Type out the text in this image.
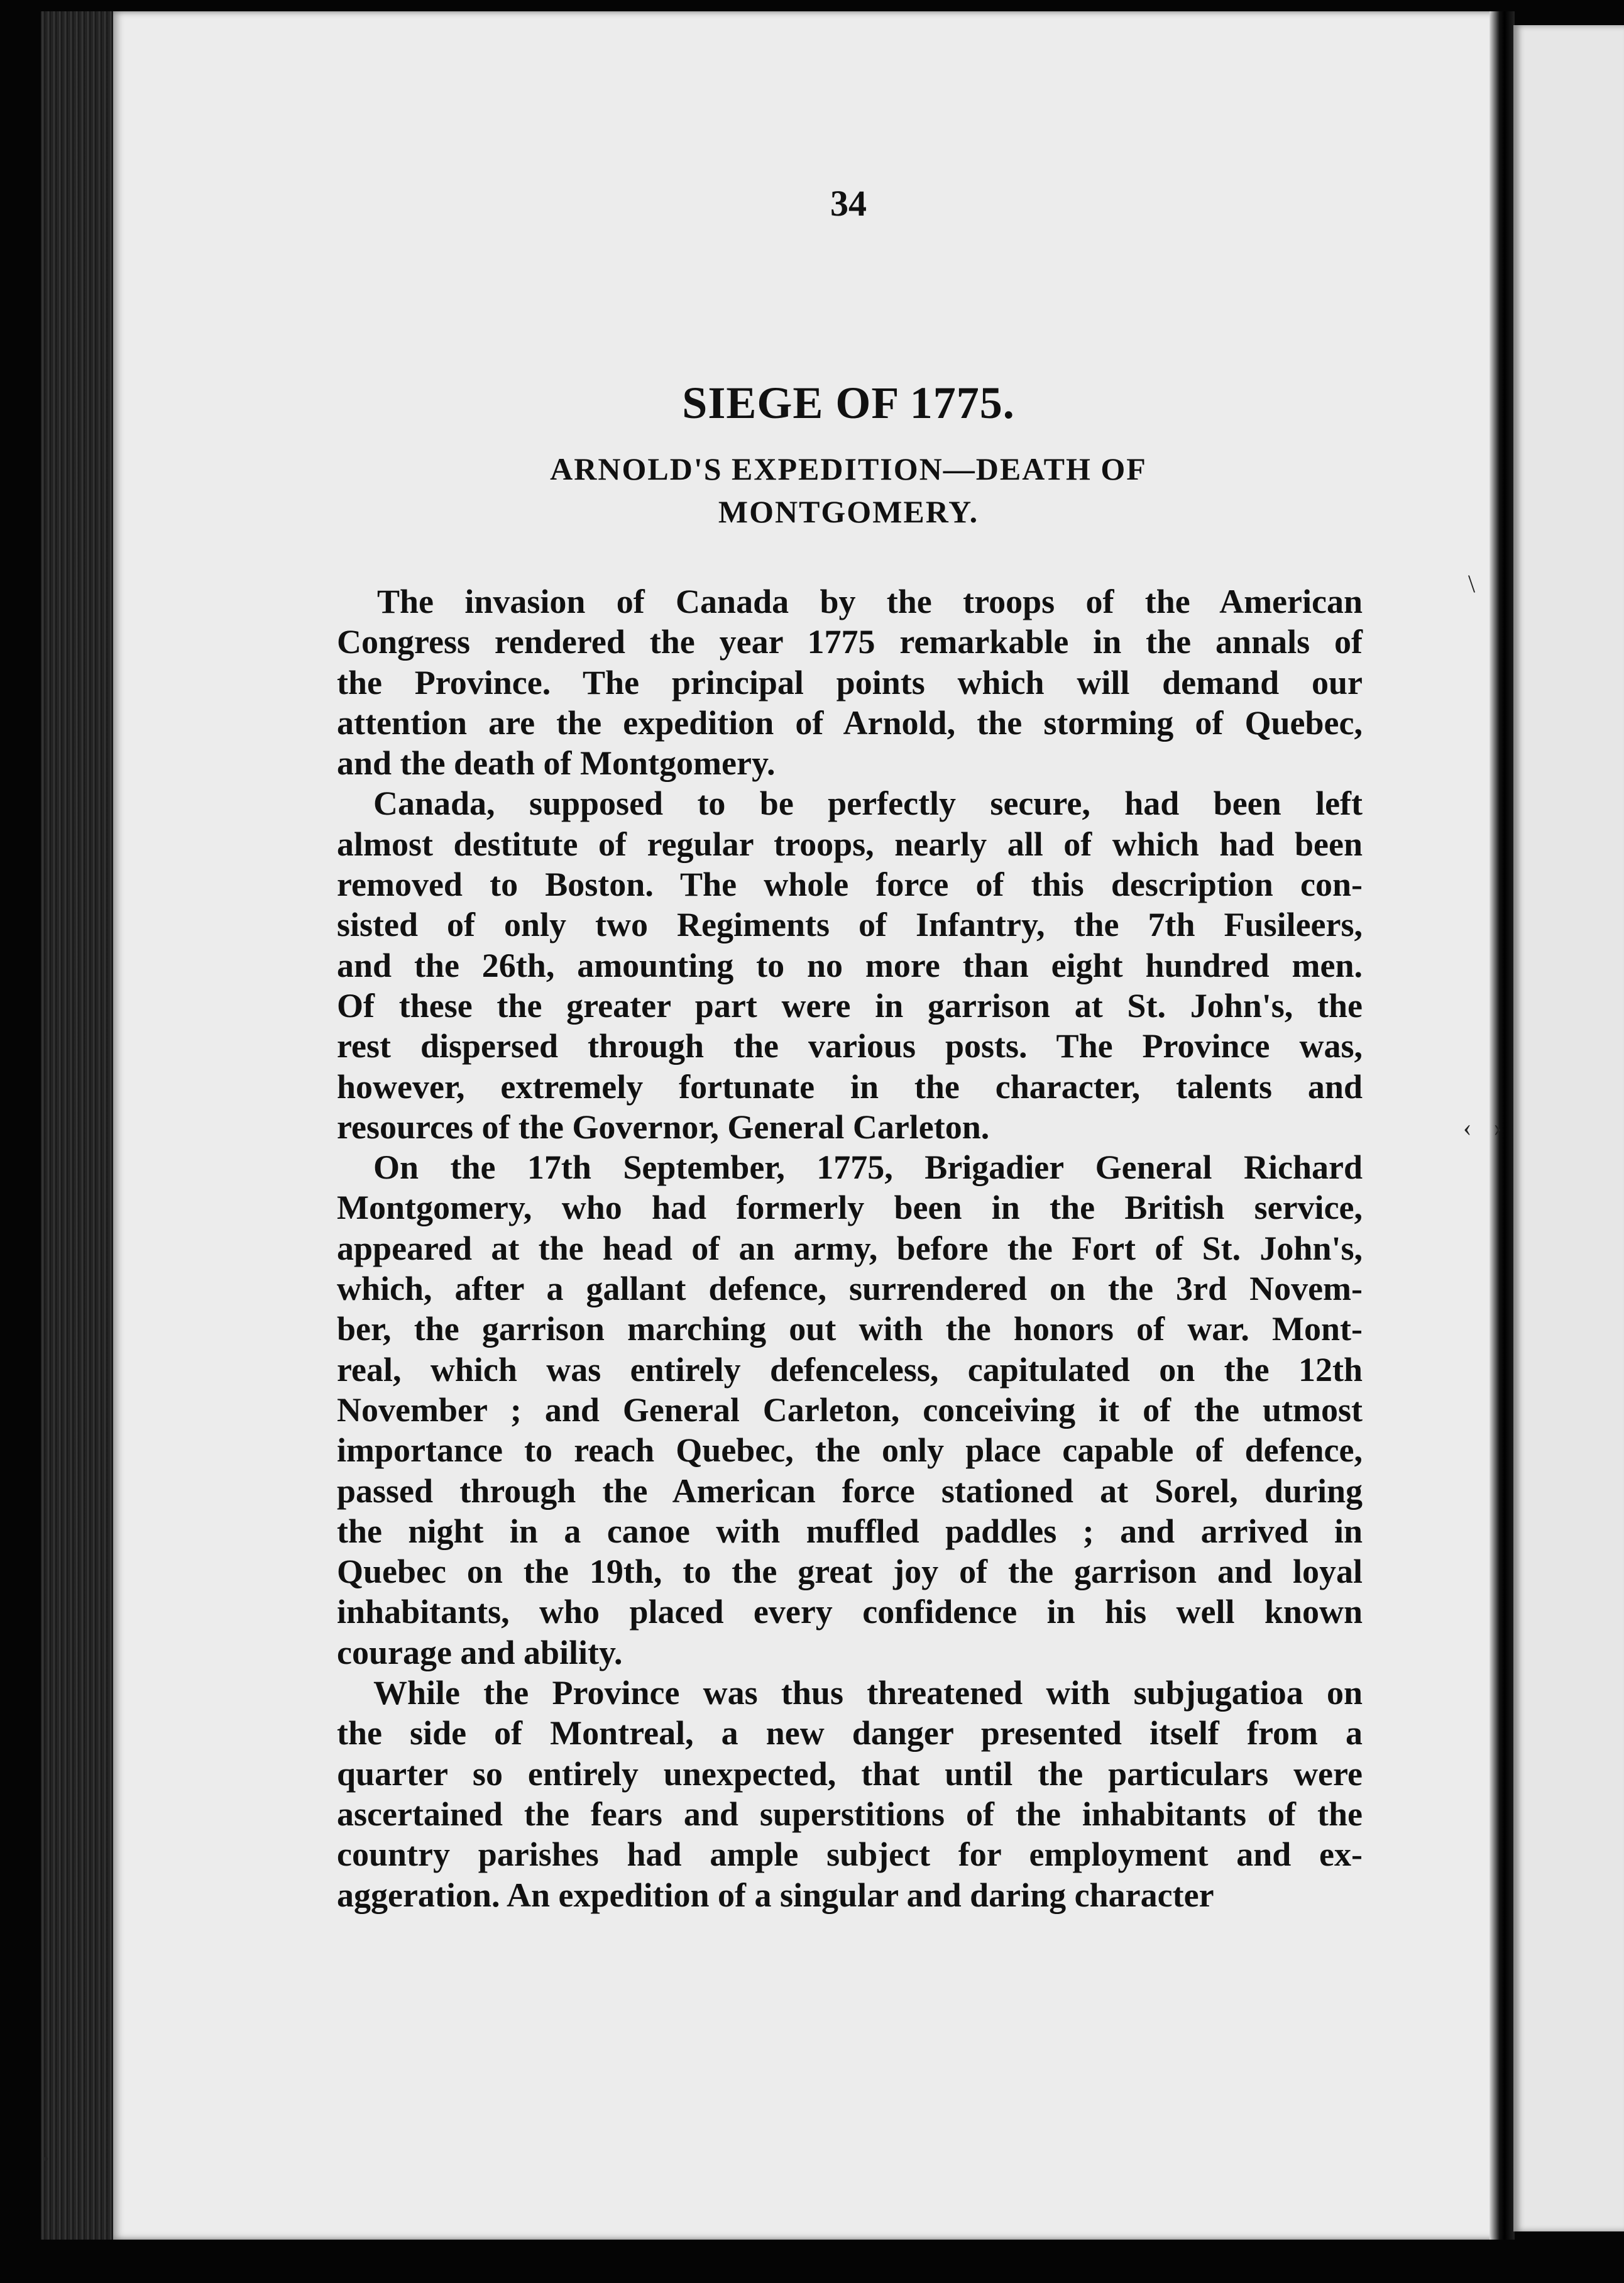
34
SIEGE OF 1775.
ARNOLD'S EXPEDITION—DEATH OF
MONTGOMERY.
The invasion of Canada by the troops of the American
Congress rendered the year 1775 remarkable in the annals of
the Province. The principal points which will demand our
attention are the expedition of Arnold, the storming of Quebec,
and the death of Montgomery.
Canada, supposed to be perfectly secure, had been left
almost destitute of regular troops, nearly all of which had been
removed to Boston. The whole force of this description con-
sisted of only two Regiments of Infantry, the 7th Fusileers,
and the 26th, amounting to no more than eight hundred men.
Of these the greater part were in garrison at St. John's, the
rest dispersed through the various posts. The Province was,
however, extremely fortunate in the character, talents and
resources of the Governor, General Carleton.
On the 17th September, 1775, Brigadier General Richard
Montgomery, who had formerly been in the British service,
appeared at the head of an army, before the Fort of St. John's,
which, after a gallant defence, surrendered on the 3rd Novem-
ber, the garrison marching out with the honors of war. Mont-
real, which was entirely defenceless, capitulated on the 12th
November ; and General Carleton, conceiving it of the utmost
importance to reach Quebec, the only place capable of defence,
passed through the American force stationed at Sorel, during
the night in a canoe with muffled paddles ; and arrived in
Quebec on the 19th, to the great joy of the garrison and loyal
inhabitants, who placed every confidence in his well known
courage and ability.
While the Province was thus threatened with subjugatioa on
the side of Montreal, a new danger presented itself from a
quarter so entirely unexpected, that until the particulars were
ascertained the fears and superstitions of the inhabitants of the
country parishes had ample subject for employment and ex-
aggeration. An expedition of a singular and daring character
\
‹ ›
•
